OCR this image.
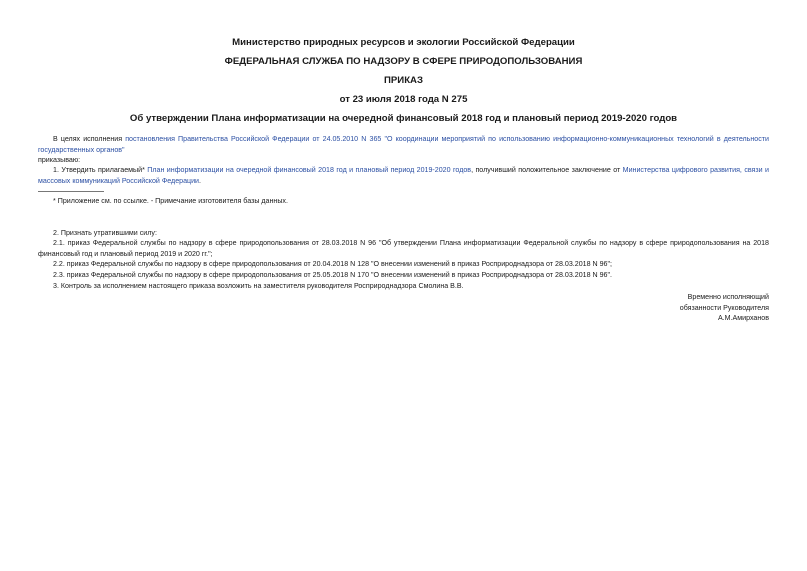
Министерство природных ресурсов и экологии Российской Федерации
ФЕДЕРАЛЬНАЯ СЛУЖБА ПО НАДЗОРУ В СФЕРЕ ПРИРОДОПОЛЬЗОВАНИЯ
ПРИКАЗ
от 23 июля 2018 года N 275
Об утверждении Плана информатизации на очередной финансовый 2018 год и плановый период 2019-2020 годов
В целях исполнения постановления Правительства Российской Федерации от 24.05.2010 N 365 "О координации мероприятий по использованию информационно-коммуникационных технологий в деятельности государственных органов"
приказываю:
1. Утвердить прилагаемый* План информатизации на очередной финансовый 2018 год и плановый период 2019-2020 годов, получивший положительное заключение от Министерства цифрового развития, связи и массовых коммуникаций Российской Федерации.
* Приложение см. по ссылке. - Примечание изготовителя базы данных.
2. Признать утратившими силу:
2.1. приказ Федеральной службы по надзору в сфере природопользования от 28.03.2018 N 96 "Об утверждении Плана информатизации Федеральной службы по надзору в сфере природопользования на 2018 финансовый год и плановый период 2019 и 2020 гг.";
2.2. приказ Федеральной службы по надзору в сфере природопользования от 20.04.2018 N 128 "О внесении изменений в приказ Росприроднадзора от 28.03.2018 N 96";
2.3. приказ Федеральной службы по надзору в сфере природопользования от 25.05.2018 N 170 "О внесении изменений в приказ Росприроднадзора от 28.03.2018 N 96".
3. Контроль за исполнением настоящего приказа возложить на заместителя руководителя Росприроднадзора Смолина В.В.
Временно исполняющий
обязанности Руководителя
А.М.Амирханов
